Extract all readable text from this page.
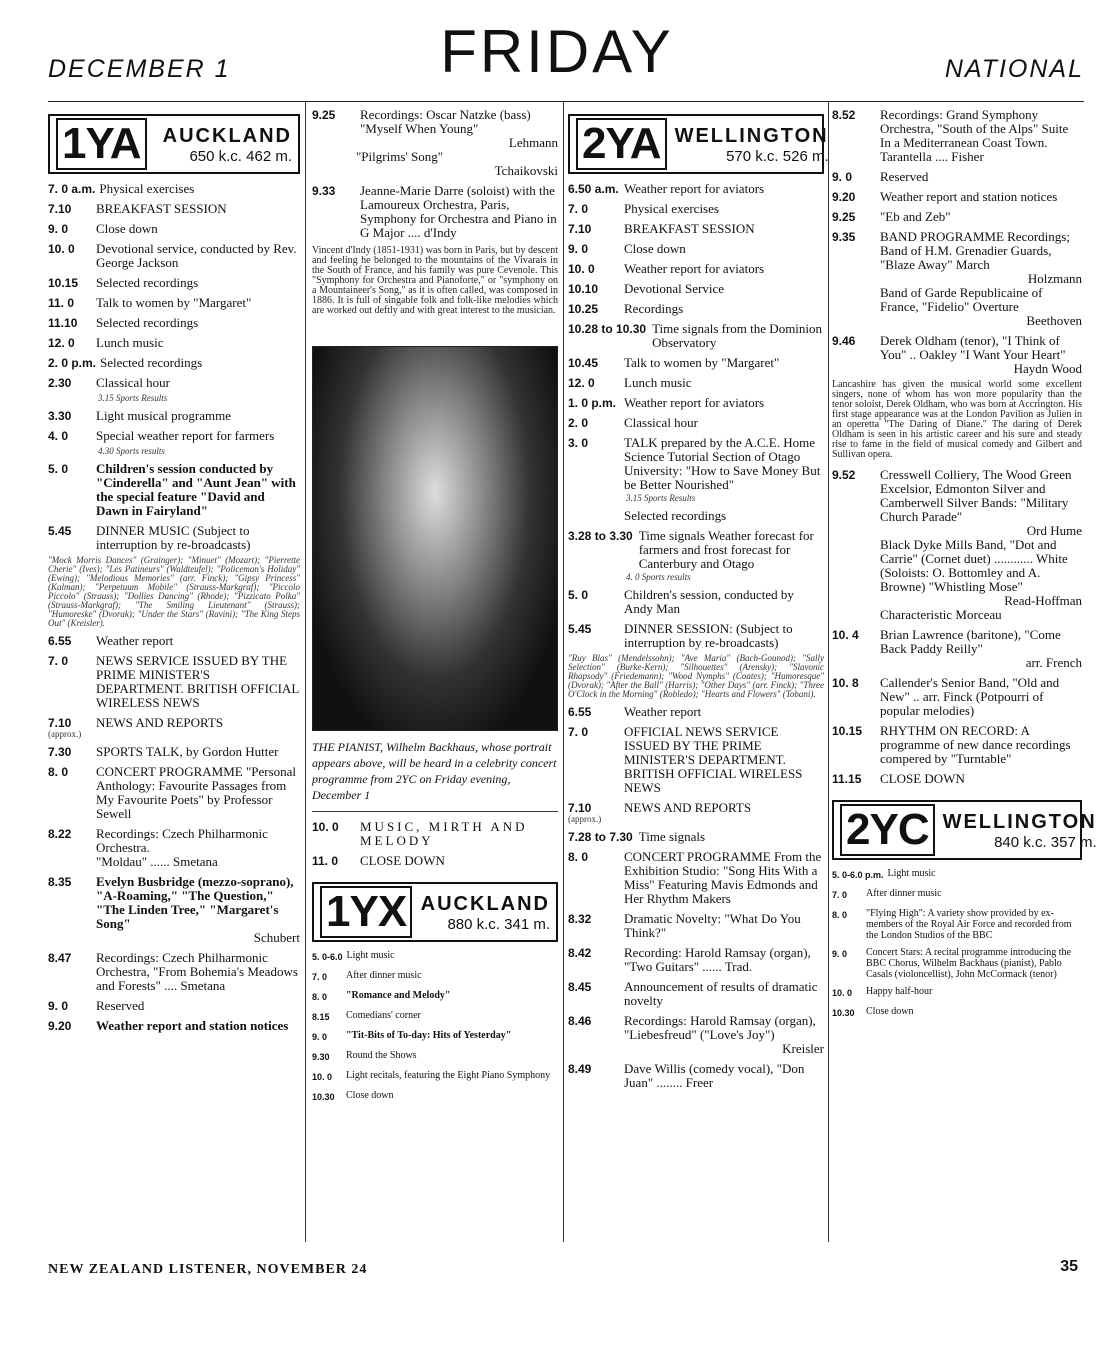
DECEMBER 1	FRIDAY	NATIONAL
1YA	AUCKLAND
650 k.c. 462 m.
7. 0 a.m. Physical exercises
7.10	BREAKFAST SESSION
9. 0	Close down
10. 0	Devotional service, conducted by Rev. George Jackson
10.15	Selected recordings
11. 0	Talk to women by "Margaret"
11.10	Selected recordings
12. 0	Lunch music
2. 0 p.m. Selected recordings
2.30	Classical hour
3.15 Sports Results
3.30	Light musical programme
4. 0	Special weather report for farmers
4.30 Sports results
5. 0	Children's session conducted by "Cinderella" and "Aunt Jean" with the special feature "David and Dawn in Fairyland"
5.45	DINNER MUSIC (Subject to interruption by re-broadcasts)
"Mock Morris Dances" (Grainger); "Minuet" (Mozart); "Pierrette Cherie" (Ives); "Les Patineurs" (Waldteufel); "Policeman's Holiday" (Ewing); "Melodious Memories" (arr. Finck); "Gipsy Princess" (Kalman); "Perpetuum Mobile" (Strauss-Markgraf); "Piccolo Piccolo" (Strauss); "Dollies Dancing" (Rhode); "Pizzicato Polka" (Strauss-Markgraf); "The Smiling Lieutenant" (Strauss); "Humoreske" (Dvorak); "Under the Stars" (Ravini); "The King Steps Out" (Kreisler).
6.55	Weather report
7. 0	NEWS SERVICE ISSUED BY THE PRIME MINISTER'S DEPARTMENT. BRITISH OFFICIAL WIRELESS NEWS
7.10	NEWS AND REPORTS
(approx.)
7.30	SPORTS TALK, by Gordon Hutter
8. 0	CONCERT PROGRAMME "Personal Anthology: Favourite Passages from My Favourite Poets" by Professor Sewell
8.22	Recordings: Czech Philharmonic Orchestra.
"Moldau" ...... Smetana
8.35	Evelyn Busbridge (mezzo-soprano), "A-Roaming," "The Question," "The Linden Tree," "Margaret's Song"
Schubert
8.47	Recordings: Czech Philharmonic Orchestra, "From Bohemia's Meadows and Forests" .... Smetana
9. 0	Reserved
9.20	Weather report and station notices
9.25	Recordings: Oscar Natzke (bass) "Myself When Young"
Lehmann
"Pilgrims' Song"
Tchaikovski
9.33	Jeanne-Marie Darre (soloist) with the Lamoureux Orchestra, Paris, Symphony for Orchestra and Piano in G Major .... d'Indy
Vincent d'Indy (1851-1931) was born in Paris, but by descent and feeling he belonged to the mountains of the Vivarais in the South of France, and his family was pure Cevenole. This "Symphony for Orchestra and Pianoforte," or "symphony on a Mountaineer's Song," as it is often called, was composed in 1886. It is full of singable folk and folk-like melodies which are worked out deftly and with great interest to the musician.
THE PIANIST, Wilhelm Backhaus, whose portrait appears above, will be heard in a celebrity concert programme from 2YC on Friday evening, December 1
10. 0	MUSIC, MIRTH AND MELODY
11. 0	CLOSE DOWN
1YX AUCKLAND
880 k.c. 341 m.
5. 0-6.0 Light music
7. 0	After dinner music
8. 0	"Romance and Melody"
8.15	Comedians' corner
9. 0	"Tit-Bits of To-day: Hits of Yesterday"
9.30	Round the Shows
10. 0	Light recitals, featuring the Eight Piano Symphony
10.30	Close down
2YA WELLINGTON
570 k.c. 526 m.
6.50 a.m. Weather report for aviators
7. 0	Physical exercises
7.10	BREAKFAST SESSION
9. 0	Close down
10. 0	Weather report for aviators
10.10	Devotional Service
10.25	Recordings
10.28 to 10.30 Time signals from the Dominion Observatory
10.45	Talk to women by "Margaret"
12. 0	Lunch music
1. 0 p.m. Weather report for aviators
2. 0	Classical hour
3. 0	TALK prepared by the A.C.E. Home Science Tutorial Section of Otago University: "How to Save Money But be Better Nourished"
3.15 Sports Results
Selected recordings
3.28 to 3.30 Time signals Weather forecast for farmers and frost forecast for Canterbury and Otago
4. 0 Sports results
5. 0	Children's session, conducted by Andy Man
5.45	DINNER SESSION: (Subject to interruption by re-broadcasts)
"Ruy Blas" (Mendelssohn); "Ave Maria" (Bach-Gounod); "Sally Selection" (Burke-Kern); "Silhouettes" (Arensky); "Slavonic Rhapsody" (Friedemann); "Wood Nymphs" (Coates); "Humoresque" (Dvorak); "After the Ball" (Harris); "Other Days" (arr. Finck); "Three O'Clock in the Morning" (Robledo); "Hearts and Flowers" (Tobani).
6.55	Weather report
7. 0	OFFICIAL NEWS SERVICE ISSUED BY THE PRIME MINISTER'S DEPARTMENT. BRITISH OFFICIAL WIRELESS NEWS
7.10	NEWS AND REPORTS
(approx.)
7.28 to 7.30 Time signals
8. 0	CONCERT PROGRAMME From the Exhibition Studio: "Song Hits With a Miss" Featuring Mavis Edmonds and Her Rhythm Makers
8.32	Dramatic Novelty: "What Do You Think?"
8.42	Recording: Harold Ramsay (organ), "Two Guitars" ...... Trad.
8.45	Announcement of results of dramatic novelty
8.46	Recordings: Harold Ramsay (organ), "Liebesfreud" ("Love's Joy")
Kreisler
8.49	Dave Willis (comedy vocal), "Don Juan" ........ Freer
8.52	Recordings: Grand Symphony Orchestra, "South of the Alps" Suite In a Mediterranean Coast Town. Tarantella .... Fisher
9. 0	Reserved
9.20	Weather report and station notices
9.25	"Eb and Zeb"
9.35	BAND PROGRAMME Recordings; Band of H.M. Grenadier Guards, "Blaze Away" March
Holzmann
Band of Garde Republicaine of France, "Fidelio" Overture
Beethoven
9.46	Derek Oldham (tenor), "I Think of You" .. Oakley "I Want Your Heart"
Haydn Wood
Lancashire has given the musical world some excellent singers, none of whom has won more popularity than the tenor soloist, Derek Oldham, who was born at Accrington. His first stage appearance was at the London Pavilion as Julien in an operetta "The Daring of Diane." The daring of Derek Oldham is seen in his artistic career and his sure and steady rise to fame in the field of musical comedy and Gilbert and Sullivan opera.
9.52	Cresswell Colliery, The Wood Green Excelsior, Edmonton Silver and Camberwell Silver Bands: "Military Church Parade"
Ord Hume
Black Dyke Mills Band, "Dot and Carrie" (Cornet duet) ............ White (Soloists: O. Bottomley and A. Browne) "Whistling Mose"
Read-Hoffman
Characteristic Morceau
10. 4	Brian Lawrence (baritone), "Come Back Paddy Reilly"
arr. French
10. 8	Callender's Senior Band, "Old and New" .. arr. Finck (Potpourri of popular melodies)
10.15	RHYTHM ON RECORD: A programme of new dance recordings compered by "Turntable"
11.15	CLOSE DOWN
2YC WELLINGTON
840 k.c. 357 m.
5. 0-6.0 p.m. Light music
7. 0	After dinner music
8. 0	"Flying High": A variety show provided by ex-members of the Royal Air Force and recorded from the London Studios of the BBC
9. 0	Concert Stars: A recital programme introducing the BBC Chorus, Wilhelm Backhaus (pianist), Pablo Casals (violoncellist), John McCormack (tenor)
10. 0	Happy half-hour
10.30	Close down
NEW ZEALAND LISTENER, NOVEMBER 24	35
